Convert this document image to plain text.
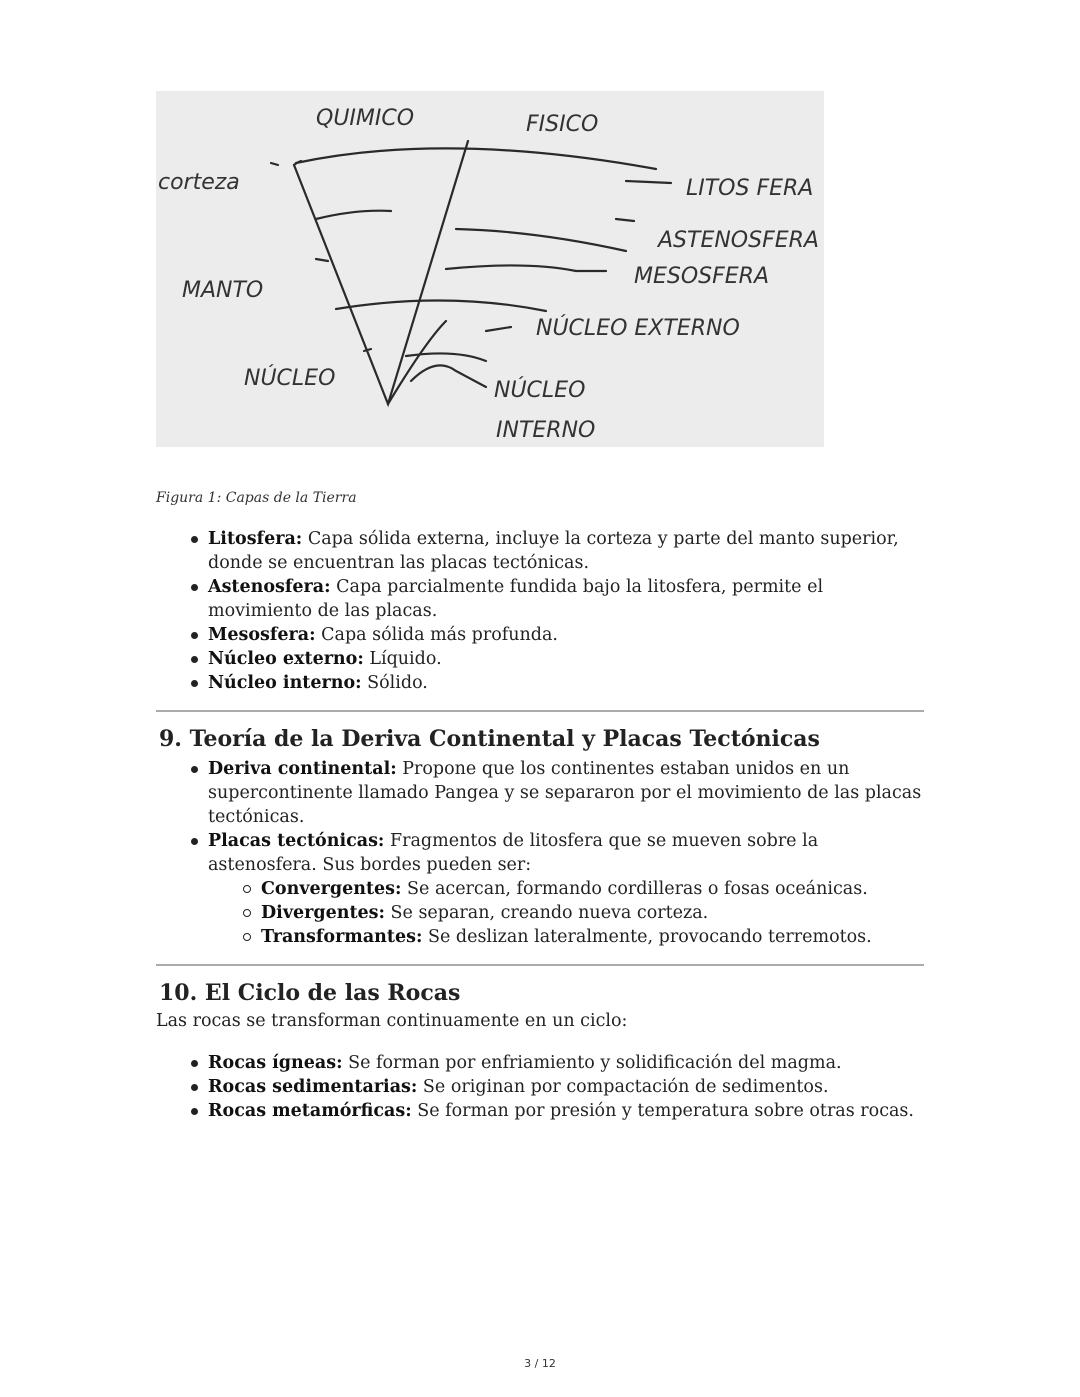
QUIMICO	FISICO
corteza
MANTO
NÚCLEO
LITOS FERA
ASTENOSFERA
MESOSFERA
NÚCLEO EXTERNO
NÚCLEO
INTERNO
Figura 1: Capas de la Tierra
Litosfera: Capa sólida externa, incluye la corteza y parte del manto superior, donde se encuentran las placas tectónicas.
Astenosfera: Capa parcialmente fundida bajo la litosfera, permite el movimiento de las placas.
Mesosfera: Capa sólida más profunda.
Núcleo externo: Líquido.
Núcleo interno: Sólido.
9. Teoría de la Deriva Continental y Placas Tectónicas
Deriva continental: Propone que los continentes estaban unidos en un supercontinente llamado Pangea y se separaron por el movimiento de las placas tectónicas.
Placas tectónicas: Fragmentos de litosfera que se mueven sobre la astenosfera. Sus bordes pueden ser:
Convergentes: Se acercan, formando cordilleras o fosas oceánicas.
Divergentes: Se separan, creando nueva corteza.
Transformantes: Se deslizan lateralmente, provocando terremotos.
10. El Ciclo de las Rocas
Las rocas se transforman continuamente en un ciclo:
Rocas ígneas: Se forman por enfriamiento y solidificación del magma.
Rocas sedimentarias: Se originan por compactación de sedimentos.
Rocas metamórficas: Se forman por presión y temperatura sobre otras rocas.
3 / 12
